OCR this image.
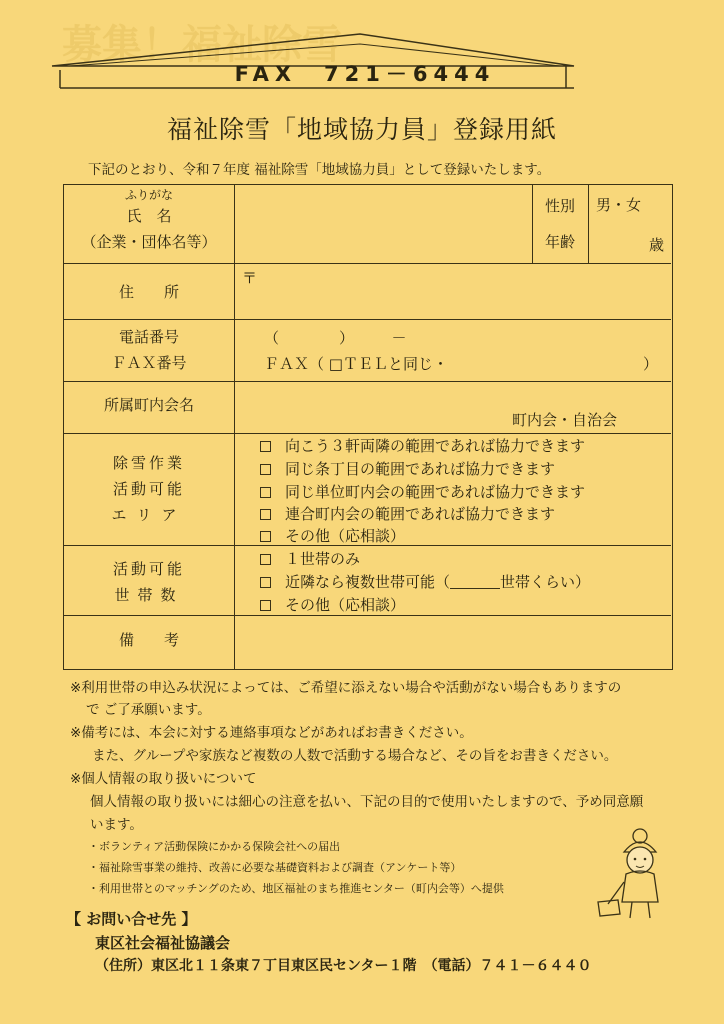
募集！福祉除雪
FAX　721－6444
福祉除雪「地域協力員」登録用紙
下記のとおり、令和７年度 福祉除雪「地域協力員」として登録いたします。
ふりがな
氏　名
（企業・団体名等）
性別
年齢
男・女
歳
住　　所
〒
電話番号
ＦＡＸ番号
（　　　　）　　　－
ＦＡＸ（ □ＴＥＬと同じ・　　　　　　　　　　　　　）
所属町内会名
町内会・自治会
除雪作業
活動可能
エリア
向こう３軒両隣の範囲であれば協力できます
同じ条丁目の範囲であれば協力できます
同じ単位町内会の範囲であれば協力できます
連合町内会の範囲であれば協力できます
その他（応相談）
活動可能
世帯数
１世帯のみ
近隣なら複数世帯可能（	世帯くらい）
その他（応相談）
備　　考
※利用世帯の申込み状況によっては、ご希望に添えない場合や活動がない場合もありますの
で ご了承願います。
※備考には、本会に対する連絡事項などがあればお書きください。
また、グループや家族など複数の人数で活動する場合など、その旨をお書きください。
※個人情報の取り扱いについて
個人情報の取り扱いには細心の注意を払い、下記の目的で使用いたしますので、予め同意願
います。
・ボランティア活動保険にかかる保険会社への届出
・福祉除雪事業の維持、改善に必要な基礎資料および調査（アンケート等）
・利用世帯とのマッチングのため、地区福祉のまち推進センター（町内会等）へ提供
【 お問い合せ先 】
東区社会福祉協議会
（住所）東区北１１条東７丁目東区民センター１階　（電話）７４１－６４４０
